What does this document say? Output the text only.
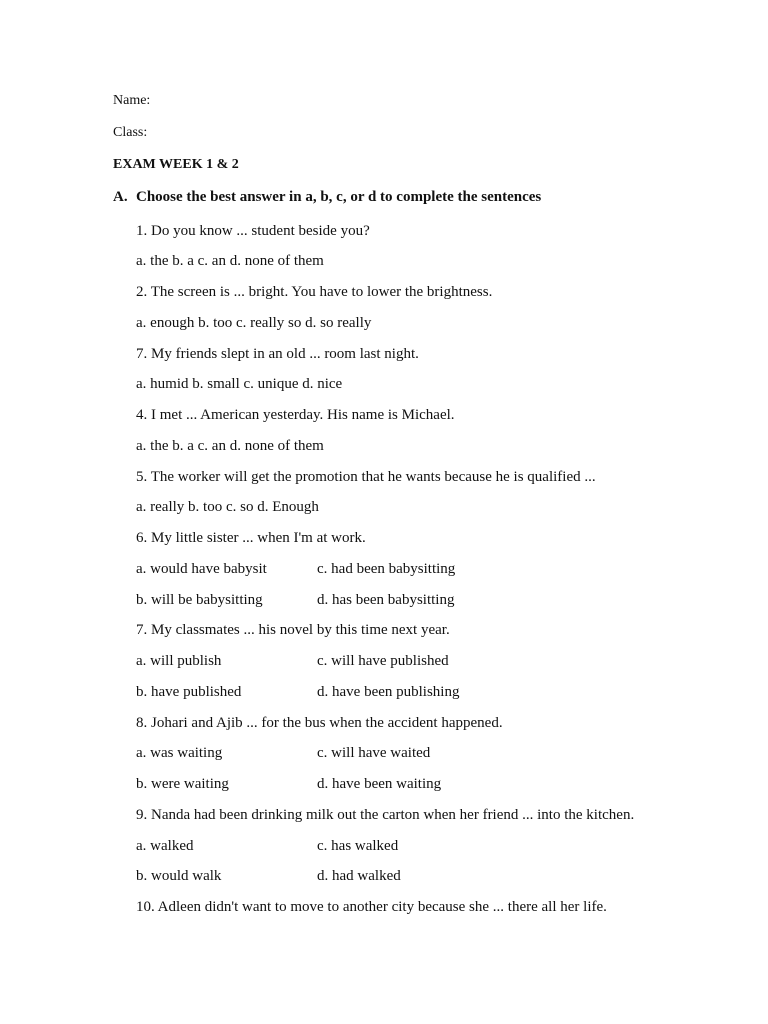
Name:
Class:
EXAM WEEK 1 & 2
A. Choose the best answer in a, b, c, or d to complete the sentences
1. Do you know ... student beside you?
a. the b. a c. an d. none of them
2. The screen is ... bright. You have to lower the brightness.
a. enough b. too c. really so d. so really
7. My friends slept in an old ... room last night.
a. humid b. small c. unique d. nice
4. I met ... American yesterday. His name is Michael.
a. the b. a c. an d. none of them
5. The worker will get the promotion that he wants because he is qualified ...
a. really b. too c. so d. Enough
6. My little sister ... when I'm at work.
a. would have babysit	c. had been babysitting
b. will be babysitting	d. has been babysitting
7. My classmates ... his novel by this time next year.
a. will publish	c. will have published
b. have published	d. have been publishing
8. Johari and Ajib ... for the bus when the accident happened.
a. was waiting	c. will have waited
b. were waiting	d. have been waiting
9. Nanda had been drinking milk out the carton when her friend ... into the kitchen.
a. walked	c. has walked
b. would walk	d. had walked
10. Adleen didn't want to move to another city because she ... there all her life.
